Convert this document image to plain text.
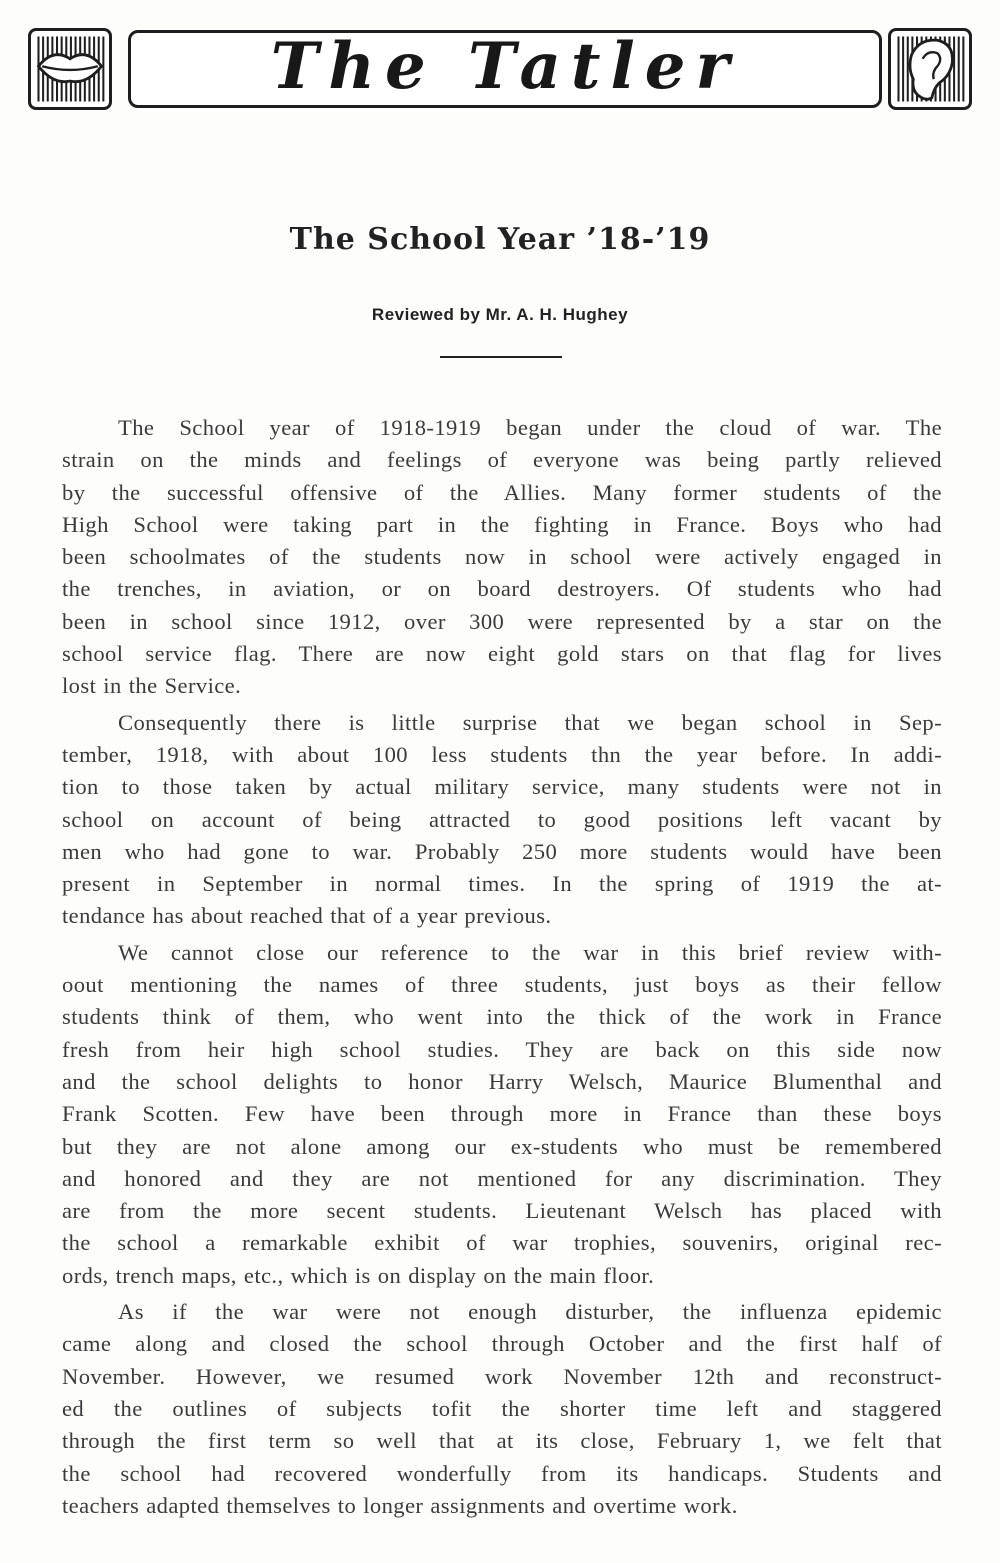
The Tatler
The School Year ’18-’19
Reviewed by Mr. A. H. Hughey
The School year of 1918-1919 began under the cloud of war. The
strain on the minds and feelings of everyone was being partly relieved
by the successful offensive of the Allies. Many former students of the
High School were taking part in the fighting in France. Boys who had
been schoolmates of the students now in school were actively engaged in
the trenches, in aviation, or on board destroyers. Of students who had
been in school since 1912, over 300 were represented by a star on the
school service flag. There are now eight gold stars on that flag for lives
lost in the Service.
Consequently there is little surprise that we began school in Sep-
tember, 1918, with about 100 less students thn the year before. In addi-
tion to those taken by actual military service, many students were not in
school on account of being attracted to good positions left vacant by
men who had gone to war. Probably 250 more students would have been
present in September in normal times. In the spring of 1919 the at-
tendance has about reached that of a year previous.
We cannot close our reference to the war in this brief review with-
oout mentioning the names of three students, just boys as their fellow
students think of them, who went into the thick of the work in France
fresh from heir high school studies. They are back on this side now
and the school delights to honor Harry Welsch, Maurice Blumenthal and
Frank Scotten. Few have been through more in France than these boys
but they are not alone among our ex-students who must be remembered
and honored and they are not mentioned for any discrimination. They
are from the more secent students. Lieutenant Welsch has placed with
the school a remarkable exhibit of war trophies, souvenirs, original rec-
ords, trench maps, etc., which is on display on the main floor.
As if the war were not enough disturber, the influenza epidemic
came along and closed the school through October and the first half of
November. However, we resumed work November 12th and reconstruct-
ed the outlines of subjects tofit the shorter time left and staggered
through the first term so well that at its close, February 1, we felt that
the school had recovered wonderfully from its handicaps. Students and
teachers adapted themselves to longer assignments and overtime work.
